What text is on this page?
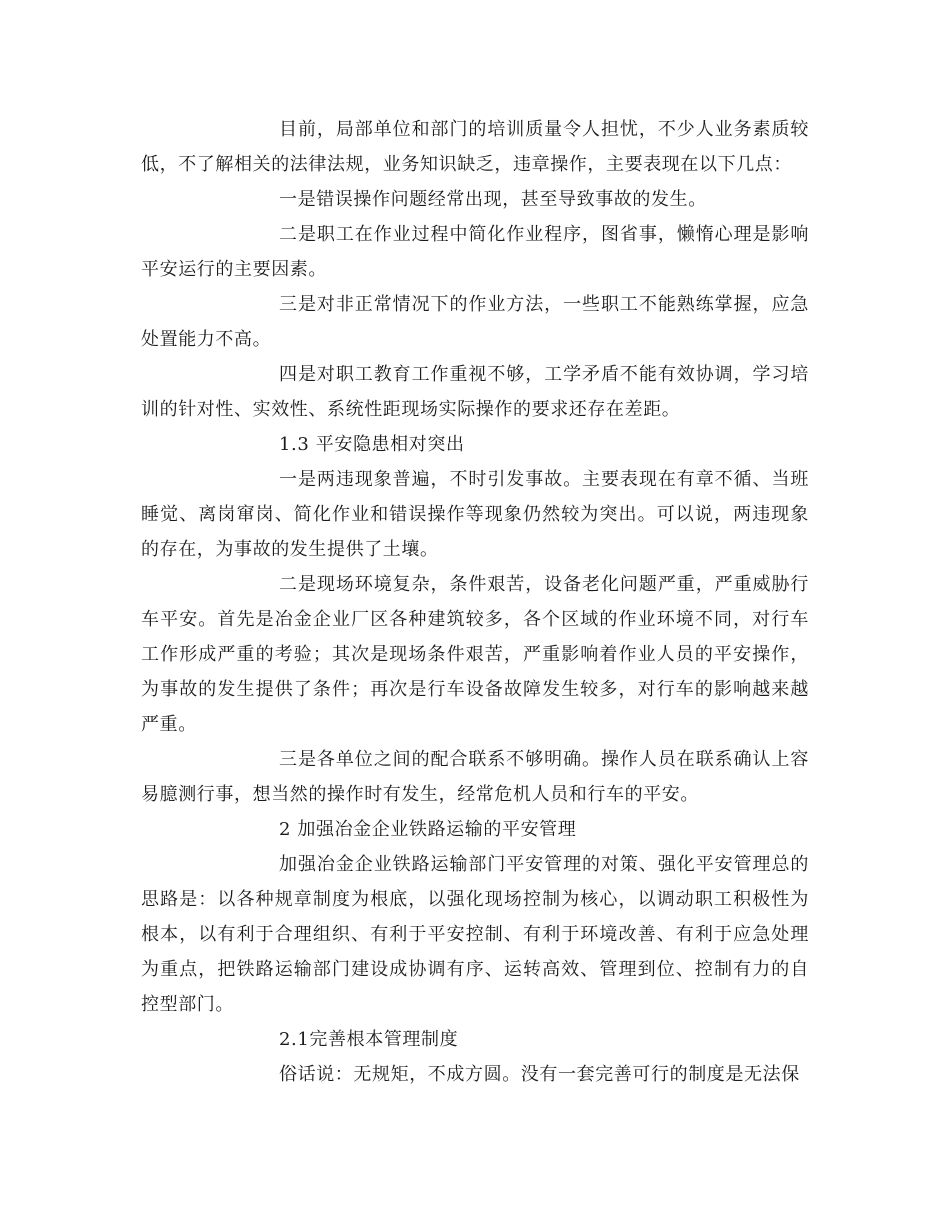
目前，局部单位和部门的培训质量令人担忧，不少人业务素质较低，不了解相关的法律法规，业务知识缺乏，违章操作，主要表现在以下几点：

一是错误操作问题经常出现，甚至导致事故的发生。

二是职工在作业过程中简化作业程序，图省事，懒惰心理是影响平安运行的主要因素。

三是对非正常情况下的作业方法，一些职工不能熟练掌握，应急处置能力不高。

四是对职工教育工作重视不够，工学矛盾不能有效协调，学习培训的针对性、实效性、系统性距现场实际操作的要求还存在差距。

1.3 平安隐患相对突出

一是两违现象普遍，不时引发事故。主要表现在有章不循、当班睡觉、离岗窜岗、简化作业和错误操作等现象仍然较为突出。可以说，两违现象的存在，为事故的发生提供了土壤。

二是现场环境复杂，条件艰苦，设备老化问题严重，严重威胁行车平安。首先是冶金企业厂区各种建筑较多，各个区域的作业环境不同，对行车工作形成严重的考验；其次是现场条件艰苦，严重影响着作业人员的平安操作，为事故的发生提供了条件；再次是行车设备故障发生较多，对行车的影响越来越严重。

三是各单位之间的配合联系不够明确。操作人员在联系确认上容易臆测行事，想当然的操作时有发生，经常危机人员和行车的平安。

2 加强冶金企业铁路运输的平安管理

加强冶金企业铁路运输部门平安管理的对策、强化平安管理总的思路是：以各种规章制度为根底，以强化现场控制为核心，以调动职工积极性为根本，以有利于合理组织、有利于平安控制、有利于环境改善、有利于应急处理为重点，把铁路运输部门建设成协调有序、运转高效、管理到位、控制有力的自控型部门。

2.1完善根本管理制度

俗话说：无规矩，不成方圆。没有一套完善可行的制度是无法保
